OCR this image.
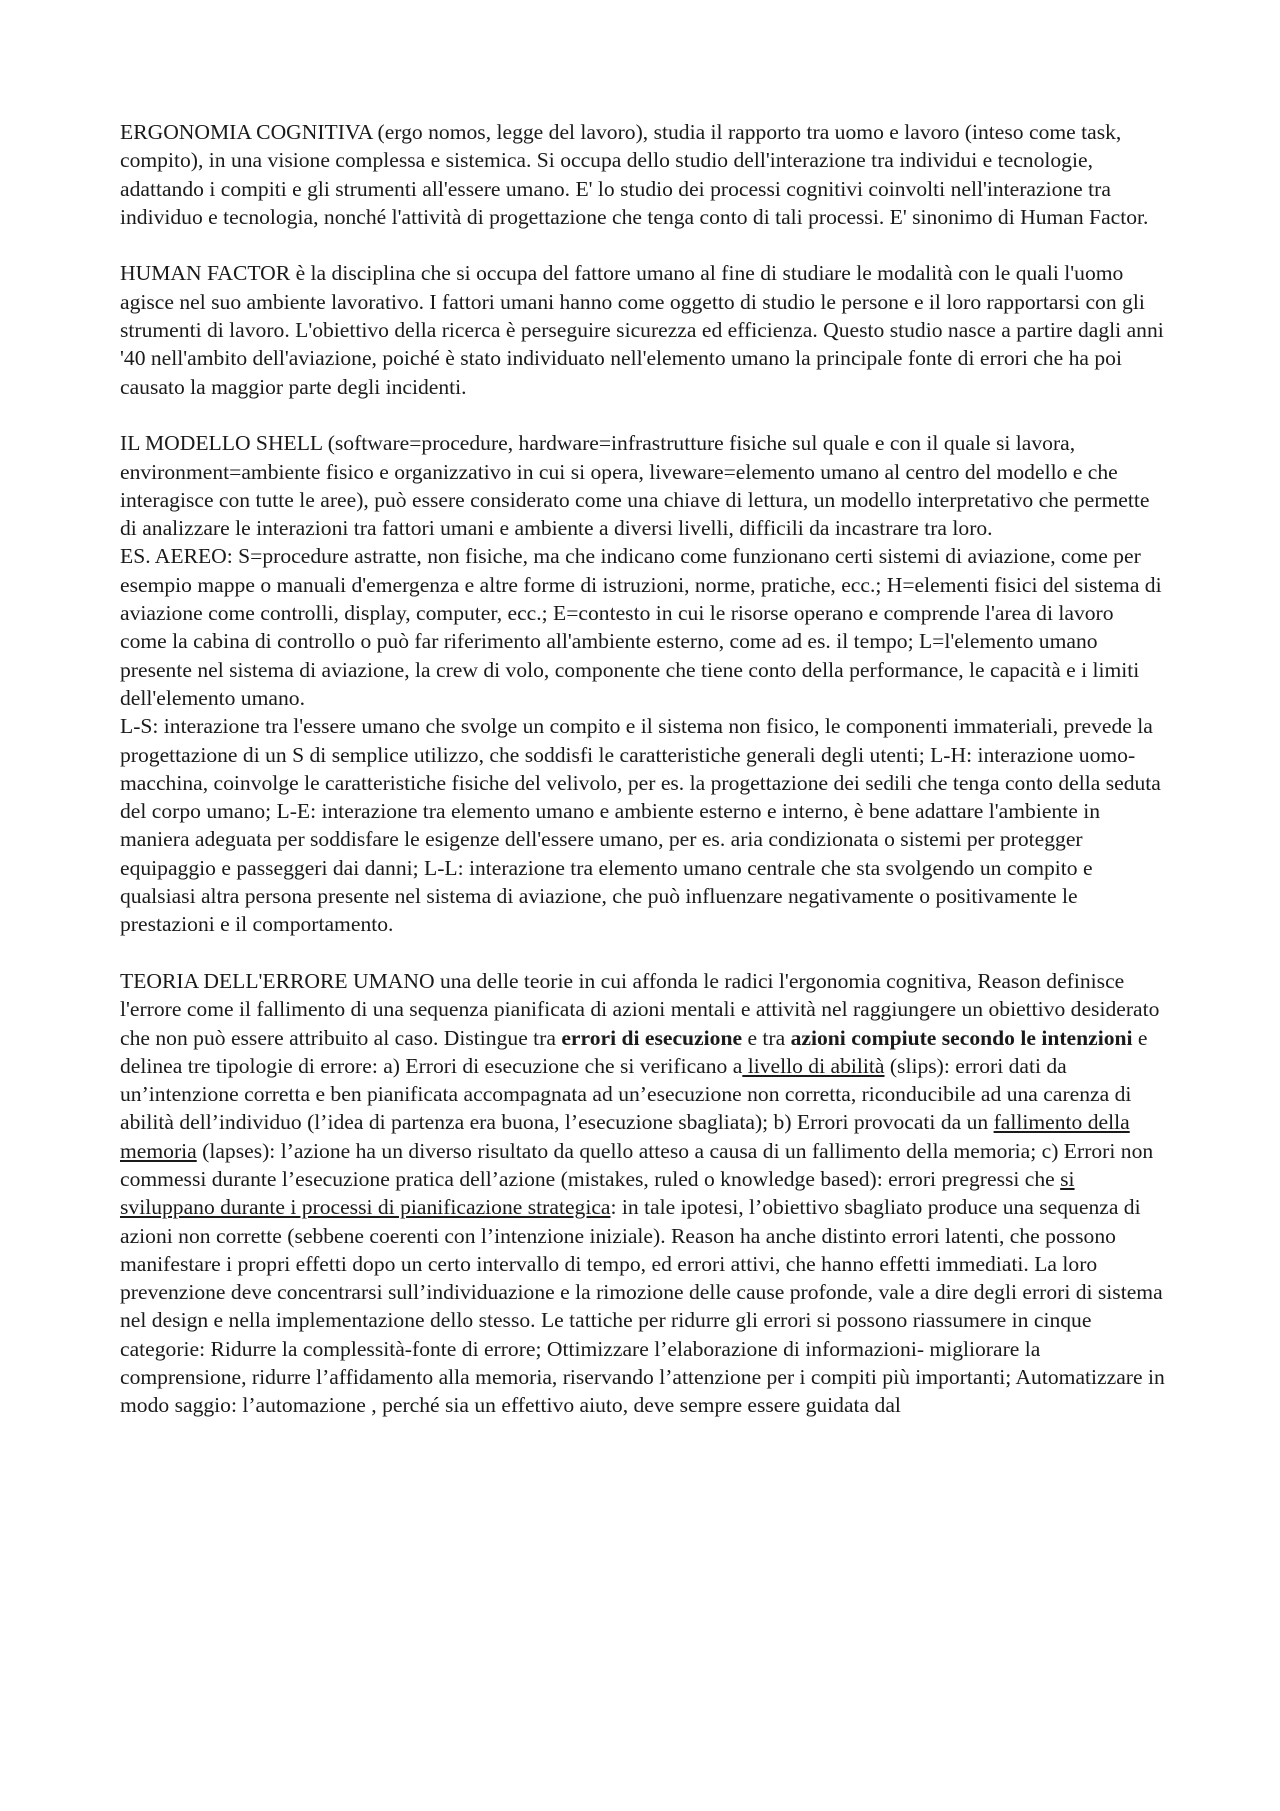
ERGONOMIA COGNITIVA (ergo nomos, legge del lavoro), studia il rapporto tra uomo e lavoro (inteso come task, compito), in una visione complessa e sistemica. Si occupa dello studio dell'interazione tra individui e tecnologie, adattando i compiti e gli strumenti all'essere umano. E' lo studio dei processi cognitivi coinvolti nell'interazione tra individuo e tecnologia, nonché l'attività di progettazione che tenga conto di tali processi. E' sinonimo di Human Factor.

HUMAN FACTOR è la disciplina che si occupa del fattore umano al fine di studiare le modalità con le quali l'uomo agisce nel suo ambiente lavorativo. I fattori umani hanno come oggetto di studio le persone e il loro rapportarsi con gli strumenti di lavoro. L'obiettivo della ricerca è perseguire sicurezza ed efficienza. Questo studio nasce a partire dagli anni '40 nell'ambito dell'aviazione, poiché è stato individuato nell'elemento umano la principale fonte di errori che ha poi causato la maggior parte degli incidenti.

IL MODELLO SHELL (software=procedure, hardware=infrastrutture fisiche sul quale e con il quale si lavora, environment=ambiente fisico e organizzativo in cui si opera, liveware=elemento umano al centro del modello e che interagisce con tutte le aree), può essere considerato come una chiave di lettura, un modello interpretativo che permette di analizzare le interazioni tra fattori umani e ambiente a diversi livelli, difficili da incastrare tra loro.

ES. AEREO: S=procedure astratte, non fisiche, ma che indicano come funzionano certi sistemi di aviazione, come per esempio mappe o manuali d'emergenza e altre forme di istruzioni, norme, pratiche, ecc.; H=elementi fisici del sistema di aviazione come controlli, display, computer, ecc.; E=contesto in cui le risorse operano e comprende l'area di lavoro come la cabina di controllo o può far riferimento all'ambiente esterno, come ad es. il tempo; L=l'elemento umano presente nel sistema di aviazione, la crew di volo, componente che tiene conto della performance, le capacità e i limiti dell'elemento umano.

L-S: interazione tra l'essere umano che svolge un compito e il sistema non fisico, le componenti immateriali, prevede la progettazione di un S di semplice utilizzo, che soddisfi le caratteristiche generali degli utenti; L-H: interazione uomo-macchina, coinvolge le caratteristiche fisiche del velivolo, per es. la progettazione dei sedili che tenga conto della seduta del corpo umano; L-E: interazione tra elemento umano e ambiente esterno e interno, è bene adattare l'ambiente in maniera adeguata per soddisfare le esigenze dell'essere umano, per es. aria condizionata o sistemi per protegger equipaggio e passeggeri dai danni; L-L: interazione tra elemento umano centrale che sta svolgendo un compito e qualsiasi altra persona presente nel sistema di aviazione, che può influenzare negativamente o positivamente le prestazioni e il comportamento.

TEORIA DELL'ERRORE UMANO una delle teorie in cui affonda le radici l'ergonomia cognitiva, Reason definisce l'errore come il fallimento di una sequenza pianificata di azioni mentali e attività nel raggiungere un obiettivo desiderato che non può essere attribuito al caso. Distingue tra errori di esecuzione e tra azioni compiute secondo le intenzioni e delinea tre tipologie di errore: a) Errori di esecuzione che si verificano a livello di abilità (slips): errori dati da un’intenzione corretta e ben pianificata accompagnata ad un’esecuzione non corretta, riconducibile ad una carenza di abilità dell’individuo (l’idea di partenza era buona, l’esecuzione sbagliata); b) Errori provocati da un fallimento della memoria (lapses): l’azione ha un diverso risultato da quello atteso a causa di un fallimento della memoria; c) Errori non commessi durante l’esecuzione pratica dell’azione (mistakes, ruled o knowledge based): errori pregressi che si sviluppano durante i processi di pianificazione strategica: in tale ipotesi, l’obiettivo sbagliato produce una sequenza di azioni non corrette (sebbene coerenti con l’intenzione iniziale). Reason ha anche distinto errori latenti, che possono manifestare i propri effetti dopo un certo intervallo di tempo, ed errori attivi, che hanno effetti immediati. La loro prevenzione deve concentrarsi sull’individuazione e la rimozione delle cause profonde, vale a dire degli errori di sistema nel design e nella implementazione dello stesso. Le tattiche per ridurre gli errori si possono riassumere in cinque categorie: Ridurre la complessità-fonte di errore; Ottimizzare l’elaborazione di informazioni- migliorare la comprensione, ridurre l’affidamento alla memoria, riservando l’attenzione per i compiti più importanti; Automatizzare in modo saggio: l’automazione , perché sia un effettivo aiuto, deve sempre essere guidata dal
